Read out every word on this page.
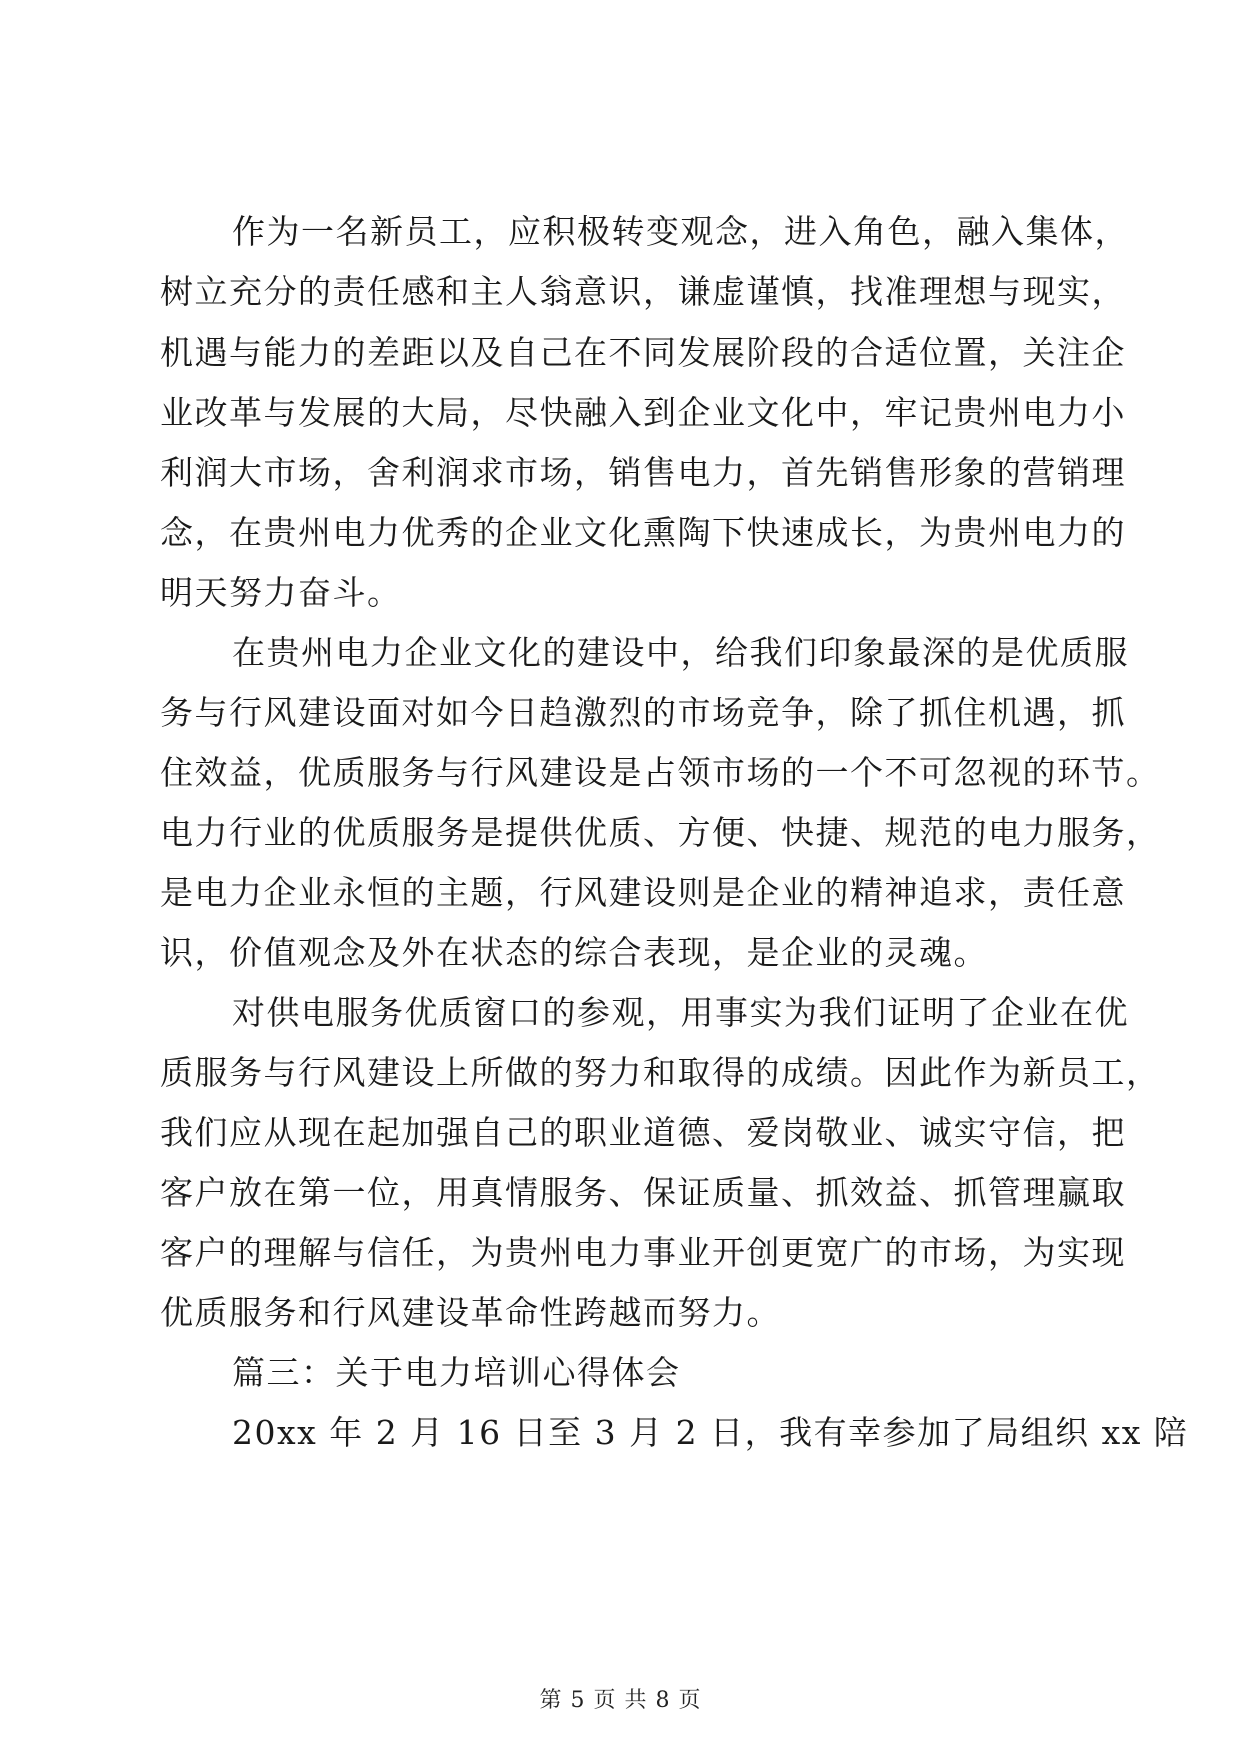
作为一名新员工，应积极转变观念，进入角色，融入集体，
树立充分的责任感和主人翁意识，谦虚谨慎，找准理想与现实，
机遇与能力的差距以及自己在不同发展阶段的合适位置，关注企
业改革与发展的大局，尽快融入到企业文化中，牢记贵州电力小
利润大市场，舍利润求市场，销售电力，首先销售形象的营销理
念，在贵州电力优秀的企业文化熏陶下快速成长，为贵州电力的
明天努力奋斗。
在贵州电力企业文化的建设中，给我们印象最深的是优质服
务与行风建设面对如今日趋激烈的市场竞争，除了抓住机遇，抓
住效益，优质服务与行风建设是占领市场的一个不可忽视的环节。
电力行业的优质服务是提供优质、方便、快捷、规范的电力服务，
是电力企业永恒的主题，行风建设则是企业的精神追求，责任意
识，价值观念及外在状态的综合表现，是企业的灵魂。
对供电服务优质窗口的参观，用事实为我们证明了企业在优
质服务与行风建设上所做的努力和取得的成绩。因此作为新员工，
我们应从现在起加强自己的职业道德、爱岗敬业、诚实守信，把
客户放在第一位，用真情服务、保证质量、抓效益、抓管理赢取
客户的理解与信任，为贵州电力事业开创更宽广的市场，为实现
优质服务和行风建设革命性跨越而努力。
篇三：关于电力培训心得体会
20xx 年 2 月 16 日至 3 月 2 日，我有幸参加了局组织 xx 陪
第 5 页 共 8 页
